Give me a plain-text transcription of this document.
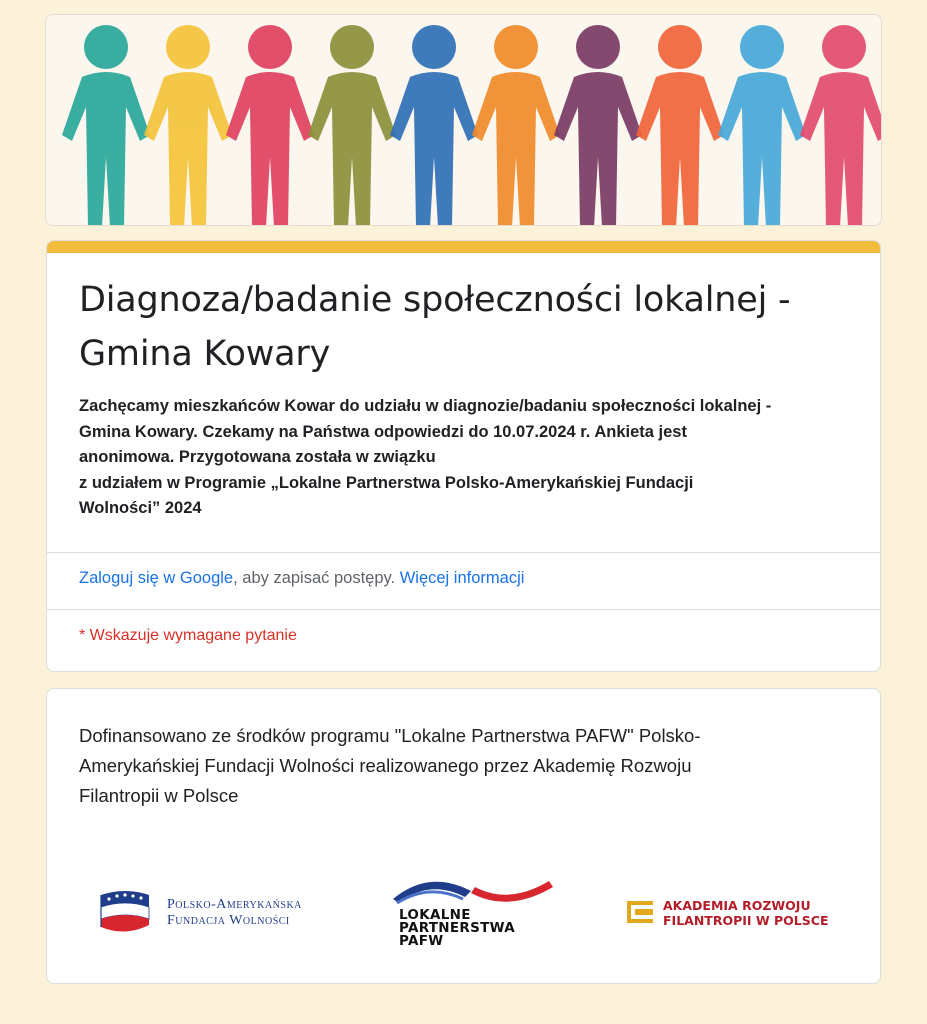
Diagnoza/badanie społeczności lokalnej -
Gmina Kowary
Zachęcamy mieszkańców Kowar do udziału w diagnozie/badaniu społeczności lokalnej -
Gmina Kowary. Czekamy na Państwa odpowiedzi do 10.07.2024 r. Ankieta jest
anonimowa. Przygotowana została w związku
z udziałem w Programie „Lokalne Partnerstwa Polsko-Amerykańskiej Fundacji
Wolności” 2024
Zaloguj się w Google, aby zapisać postępy. Więcej informacji
* Wskazuje wymagane pytanie
Dofinansowano ze środków programu "Lokalne Partnerstwa PAFW" Polsko-
Amerykańskiej Fundacji Wolności realizowanego przez Akademię Rozwoju
Filantropii w Polsce
Polsko-Amerykańska
Fundacja Wolności	LOKALNE
PARTNERSTWA
PAFW
AKADEMIA ROZWOJU
FILANTROPII W POLSCE
